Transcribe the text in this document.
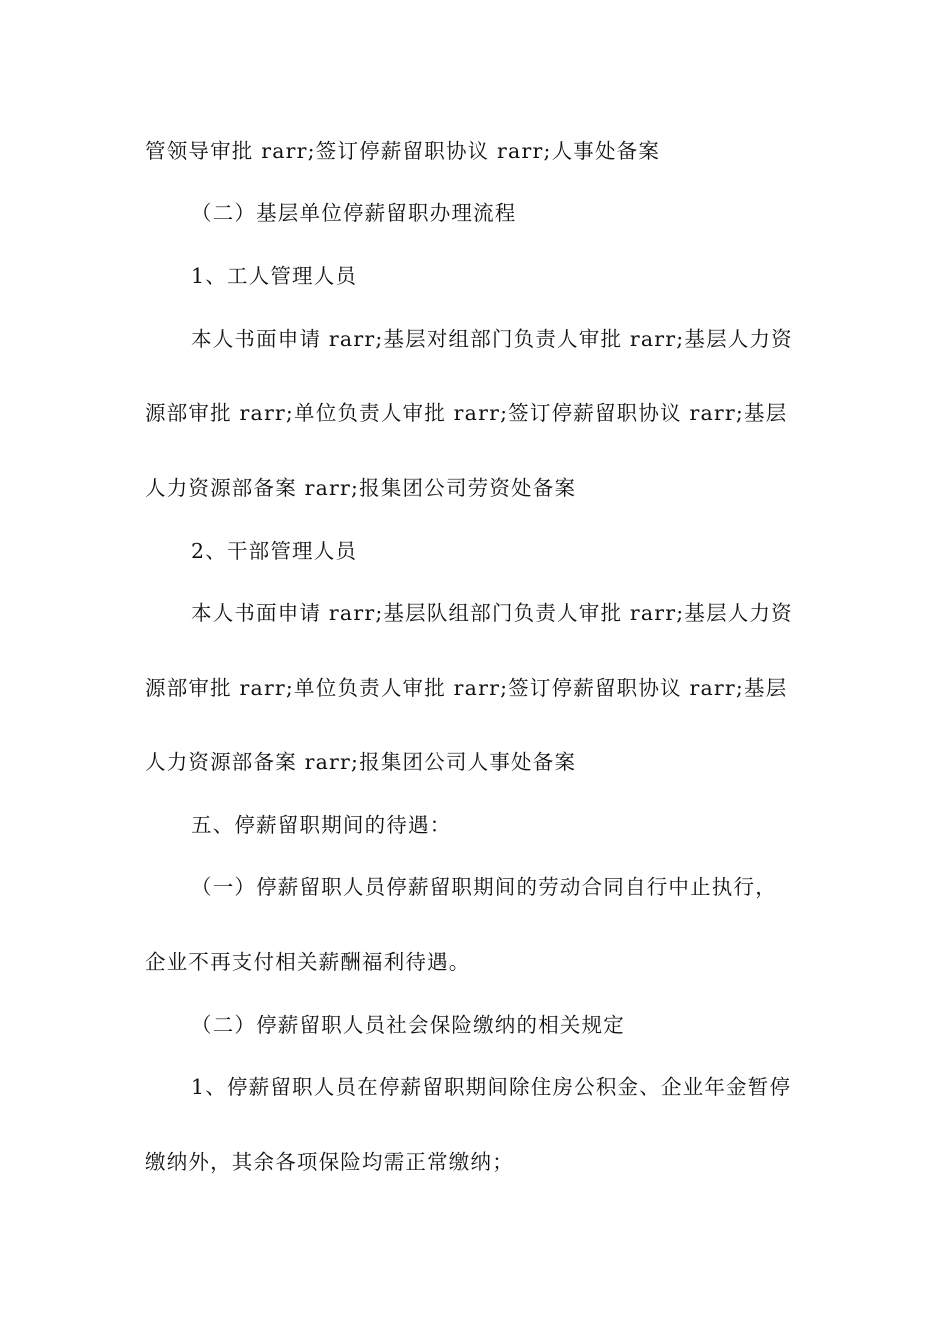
管领导审批 rarr;签订停薪留职协议 rarr;人事处备案
（二）基层单位停薪留职办理流程
1、工人管理人员
本人书面申请 rarr;基层对组部门负责人审批 rarr;基层人力资
源部审批 rarr;单位负责人审批 rarr;签订停薪留职协议 rarr;基层
人力资源部备案 rarr;报集团公司劳资处备案
2、干部管理人员
本人书面申请 rarr;基层队组部门负责人审批 rarr;基层人力资
源部审批 rarr;单位负责人审批 rarr;签订停薪留职协议 rarr;基层
人力资源部备案 rarr;报集团公司人事处备案
五、停薪留职期间的待遇：
（一）停薪留职人员停薪留职期间的劳动合同自行中止执行，
企业不再支付相关薪酬福利待遇。
（二）停薪留职人员社会保险缴纳的相关规定
1、停薪留职人员在停薪留职期间除住房公积金、企业年金暂停
缴纳外，其余各项保险均需正常缴纳；
